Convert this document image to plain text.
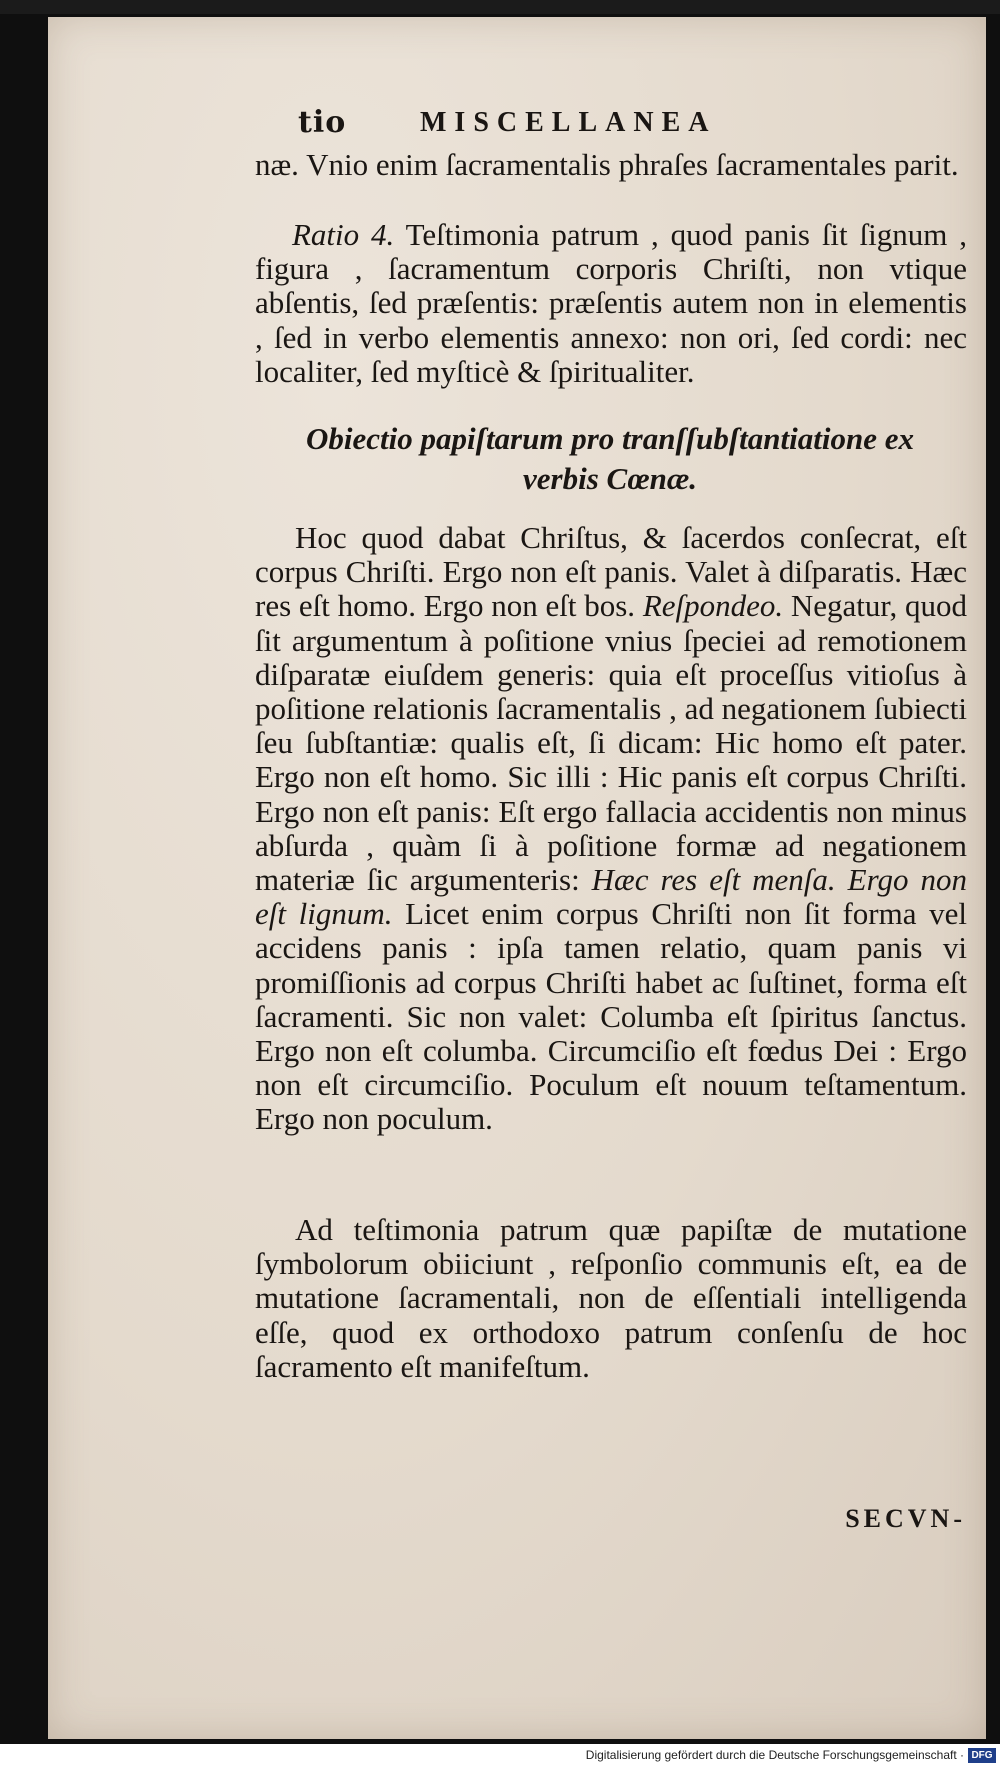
tio	MISCELLANEA
næ. Vnio enim ſacramentalis phraſes ſacramentales parit.
Ratio 4. Teſtimonia patrum , quod panis ſit ſignum , figura , ſacramentum corporis Chriſti, non vtique abſentis, ſed præſentis: præſentis autem non in elementis , ſed in verbo elementis annexo: non ori, ſed cordi: nec localiter, ſed myſticè & ſpiritualiter.
Obiectio papiſtarum pro tranſſubſtantiatione ex verbis Cœnæ.
Hoc quod dabat Chriſtus, & ſacerdos conſecrat, eſt corpus Chriſti. Ergo non eſt panis. Valet à diſparatis. Hæc res eſt homo. Ergo non eſt bos. Reſpondeo. Negatur, quod ſit argumentum à poſitione vnius ſpeciei ad remotionem diſparatæ eiuſdem generis: quia eſt proceſſus vitioſus à poſitione relationis ſacramentalis , ad negationem ſubiecti ſeu ſubſtantiæ: qualis eſt, ſi dicam: Hic homo eſt pater. Ergo non eſt homo. Sic illi : Hic panis eſt corpus Chriſti. Ergo non eſt panis: Eſt ergo fallacia accidentis non minus abſurda , quàm ſi à poſitione formæ ad negationem materiæ ſic argumenteris: Hæc res eſt menſa. Ergo non eſt lignum. Licet enim corpus Chriſti non ſit forma vel accidens panis : ipſa tamen relatio, quam panis vi promiſſionis ad corpus Chriſti habet ac ſuſtinet, forma eſt ſacramenti. Sic non valet: Columba eſt ſpiritus ſanctus. Ergo non eſt columba. Circumciſio eſt fœdus Dei : Ergo non eſt circumciſio. Poculum eſt nouum teſtamentum. Ergo non poculum.
Ad teſtimonia patrum quæ papiſtæ de mutatione ſymbolorum obiiciunt , reſponſio communis eſt, ea de mutatione ſacramentali, non de eſſentiali intelligenda eſſe, quod ex orthodoxo patrum conſenſu de hoc ſacramento eſt manifeſtum.
SECVN-
Digitalisierung gefördert durch die Deutsche Forschungsgemeinschaft · DFG
